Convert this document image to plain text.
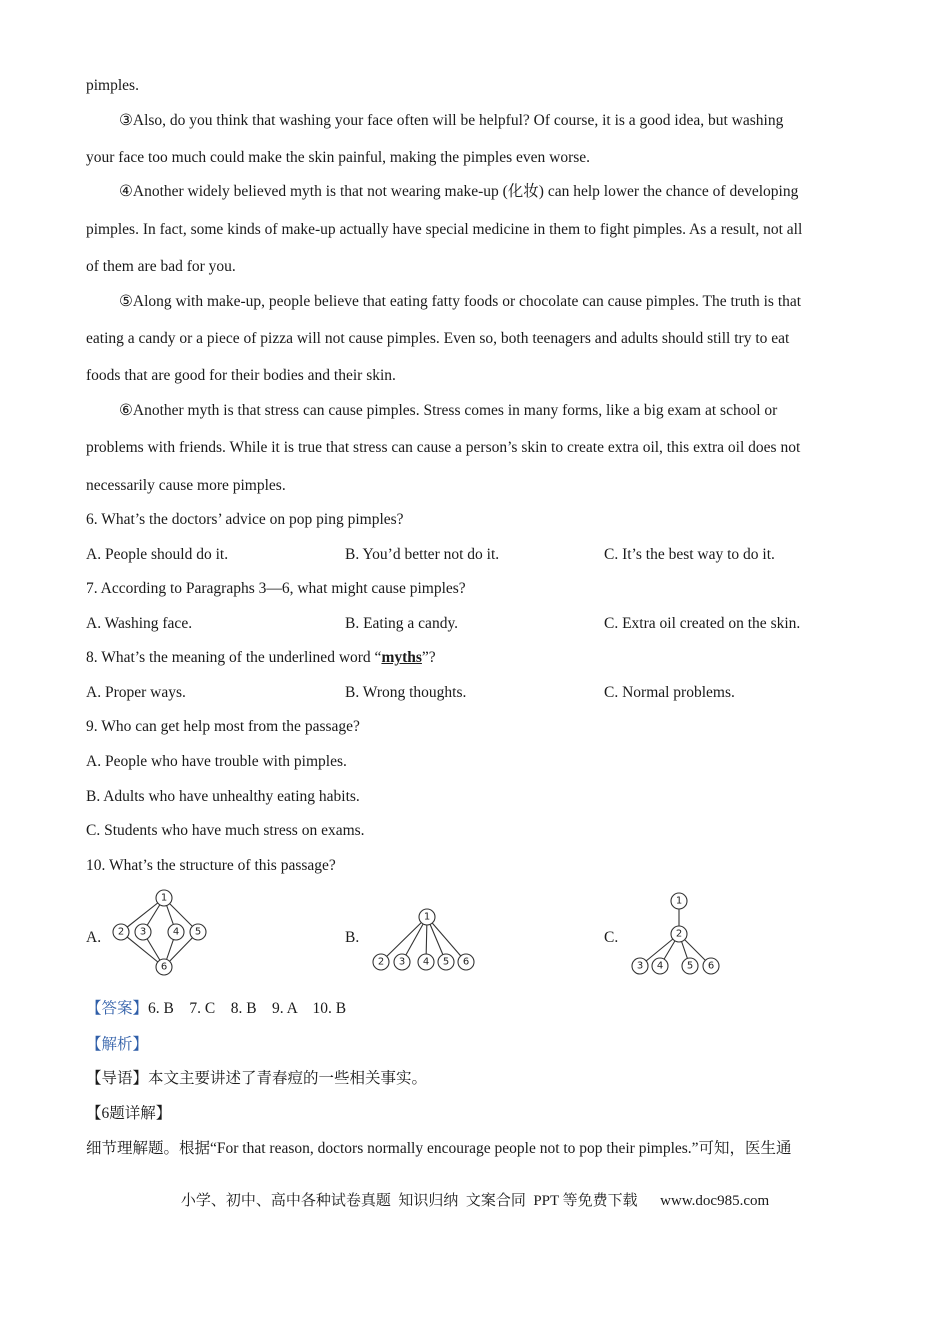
pimples.
③Also, do you think that washing your face often will be helpful? Of course, it is a good idea, but washing
your face too much could make the skin painful, making the pimples even worse.
④Another widely believed myth is that not wearing make-up (化妆) can help lower the chance of developing
pimples. In fact, some kinds of make-up actually have special medicine in them to fight pimples. As a result, not all
of them are bad for you.
⑤Along with make-up, people believe that eating fatty foods or chocolate can cause pimples. The truth is that
eating a candy or a piece of pizza will not cause pimples. Even so, both teenagers and adults should still try to eat
foods that are good for their bodies and their skin.
⑥Another myth is that stress can cause pimples. Stress comes in many forms, like a big exam at school or
problems with friends. While it is true that stress can cause a person’s skin to create extra oil, this extra oil does not
necessarily cause more pimples.
6. What’s the doctors’ advice on pop ping pimples?
A. People should do it.	B. You’d better not do it.	C. It’s the best way to do it.
7. According to Paragraphs 3—6, what might cause pimples?
A. Washing face.	B. Eating a candy.	C. Extra oil created on the skin.
8. What’s the meaning of the underlined word “myths”?
A. Proper ways.	B. Wrong thoughts.	C. Normal problems.
9. Who can get help most from the passage?
A. People who have trouble with pimples.
B. Adults who have unhealthy eating habits.
C. Students who have much stress on exams.
10. What’s the structure of this passage?
A.	B.	C.
1
2 3	4 5
6
1
2 3 4 5 6
1
2
3 4 5 6
【答案】6. B    7. C    8. B    9. A    10. B
【解析】
【导语】本文主要讲述了青春痘的一些相关事实。
【6题详解】
细节理解题。根据“For that reason, doctors normally encourage people not to pop their pimples.”可知，医生通
小学、初中、高中各种试卷真题  知识归纳  文案合同  PPT 等免费下载      www.doc985.com
